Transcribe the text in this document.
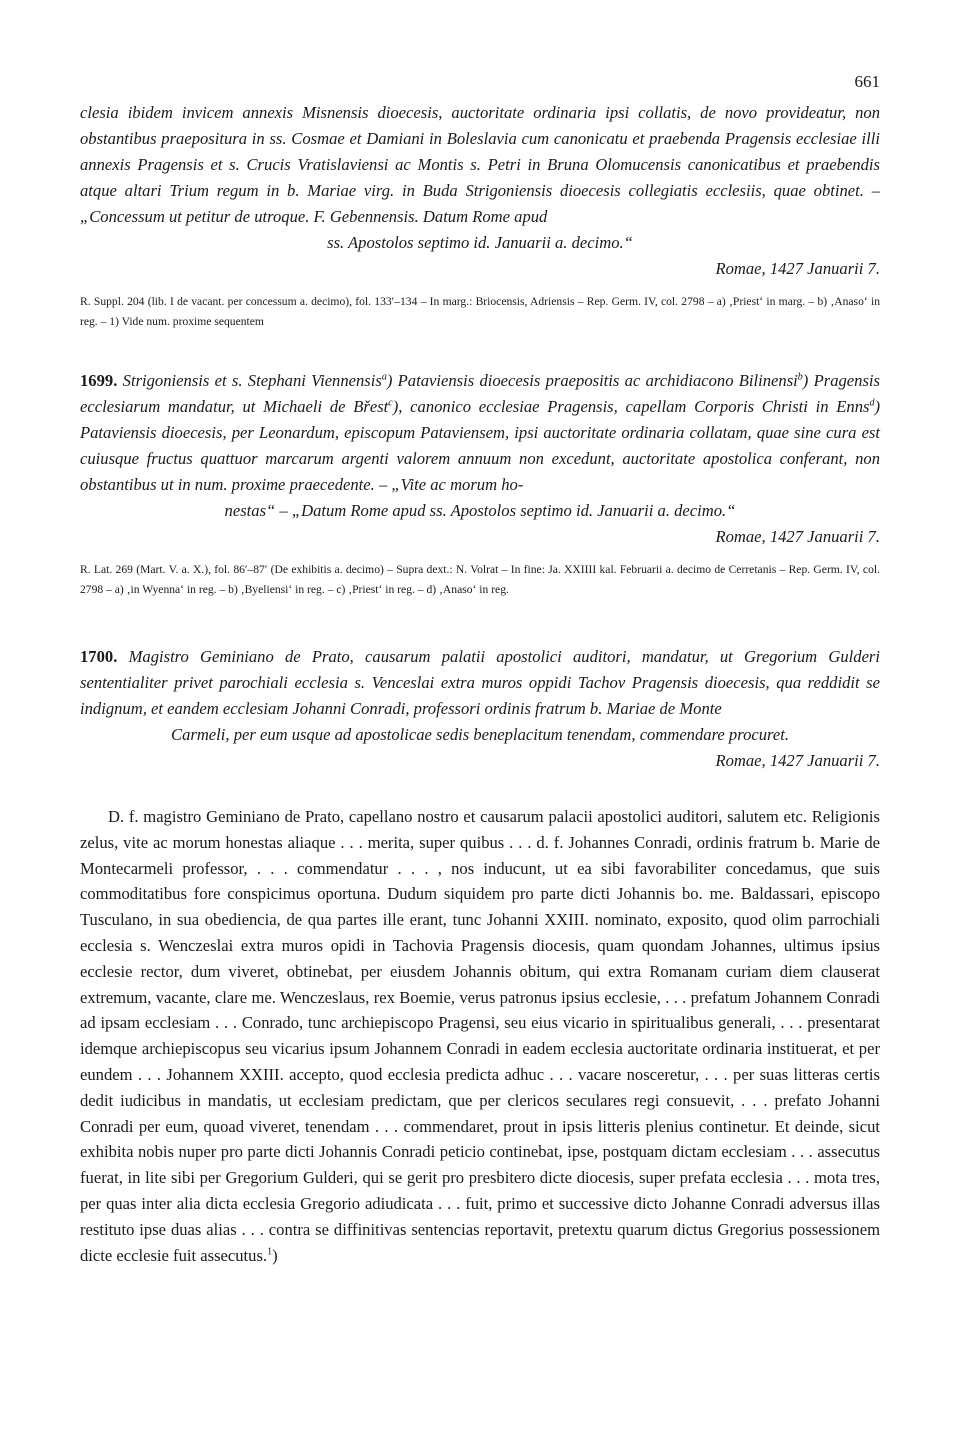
661

clesia ibidem invicem annexis Misnensis dioecesis, auctoritate ordinaria ipsi collatis, de novo provideatur, non obstantibus praepositura in ss. Cosmae et Damiani in Boleslavia cum canonicatu et praebenda Pragensis ecclesiae illi annexis Pragensis et s. Crucis Vratislaviensi ac Montis s. Petri in Bruna Olomucensis canonicatibus et praebendis atque altari Trium regum in b. Mariae virg. in Buda Strigoniensis dioecesis collegiatis ecclesiis, quae obtinet. – „Concessum ut petitur de utroque. F. Gebennensis. Datum Rome apud

ss. Apostolos septimo id. Januarii a. decimo.“

Romae, 1427 Januarii 7.

R. Suppl. 204 (lib. I de vacant. per concessum a. decimo), fol. 133′–134 – In marg.: Briocensis, Adriensis – Rep. Germ. IV, col. 2798 – a) ‚Priest‘ in marg. – b) ‚Anaso‘ in reg. – 1) Vide num. proxime sequentem

1699. Strigoniensis et s. Stephani Viennensis$^a$) Pataviensis dioecesis praepositis ac archidiacono Bilinensi$^b$) Pragensis ecclesiarum mandatur, ut Michaeli de Břest$^c$), canonico ecclesiae Pragensis, capellam Corporis Christi in Enns$^d$) Pataviensis dioecesis, per Leonardum, episcopum Pataviensem, ipsi auctoritate ordinaria collatam, quae sine cura est cuiusque fructus quattuor marcarum argenti valorem annuum non excedunt, auctoritate apostolica conferant, non obstantibus ut in num. proxime praecedente. – „Vite ac morum ho-

nestas“ – „Datum Rome apud ss. Apostolos septimo id. Januarii a. decimo.“

Romae, 1427 Januarii 7.

R. Lat. 269 (Mart. V. a. X.), fol. 86′–87′ (De exhibitis a. decimo) – Supra dext.: N. Volrat – In fine: Ja. XXIIII kal. Februarii a. decimo de Cerretanis – Rep. Germ. IV, col. 2798 – a) ‚in Wyenna‘ in reg. – b) ‚Byeliensi‘ in reg. – c) ‚Priest‘ in reg. – d) ‚Anaso‘ in reg.

1700. Magistro Geminiano de Prato, causarum palatii apostolici auditori, mandatur, ut Gregorium Gulderi sententialiter privet parochiali ecclesia s. Venceslai extra muros oppidi Tachov Pragensis dioecesis, qua reddidit se indignum, et eandem ecclesiam Johanni Conradi, professori ordinis fratrum b. Mariae de Monte

Carmeli, per eum usque ad apostolicae sedis beneplacitum tenendam, commendare procuret.

Romae, 1427 Januarii 7.

D. f. magistro Geminiano de Prato, capellano nostro et causarum palacii apostolici auditori, salutem etc. Religionis zelus, vite ac morum honestas aliaque . . . merita, super quibus . . . d. f. Johannes Conradi, ordinis fratrum b. Marie de Montecarmeli professor, . . . commendatur . . . , nos inducunt, ut ea sibi favorabiliter concedamus, que suis commoditatibus fore conspicimus oportuna. Dudum siquidem pro parte dicti Johannis bo. me. Baldassari, episcopo Tusculano, in sua obediencia, de qua partes ille erant, tunc Johanni XXIII. nominato, exposito, quod olim parrochiali ecclesia s. Wenczeslai extra muros opidi in Tachovia Pragensis diocesis, quam quondam Johannes, ultimus ipsius ecclesie rector, dum viveret, obtinebat, per eiusdem Johannis obitum, qui extra Romanam curiam diem clauserat extremum, vacante, clare me. Wenczeslaus, rex Boemie, verus patronus ipsius ecclesie, . . . prefatum Johannem Conradi ad ipsam ecclesiam . . . Conrado, tunc archiepiscopo Pragensi, seu eius vicario in spiritualibus generali, . . . presentarat idemque archiepiscopus seu vicarius ipsum Johannem Conradi in eadem ecclesia auctoritate ordinaria instituerat, et per eundem . . . Johannem XXIII. accepto, quod ecclesia predicta adhuc . . . vacare nosceretur, . . . per suas litteras certis dedit iudicibus in mandatis, ut ecclesiam predictam, que per clericos seculares regi consuevit, . . . prefato Johanni Conradi per eum, quoad viveret, tenendam . . . commendaret, prout in ipsis litteris plenius continetur. Et deinde, sicut exhibita nobis nuper pro parte dicti Johannis Conradi peticio continebat, ipse, postquam dictam ecclesiam . . . assecutus fuerat, in lite sibi per Gregorium Gulderi, qui se gerit pro presbitero dicte diocesis, super prefata ecclesia . . . mota tres, per quas inter alia dicta ecclesia Gregorio adiudicata . . . fuit, primo et successive dicto Johanne Conradi adversus illas restituto ipse duas alias . . . contra se diffinitivas sentencias reportavit, pretextu quarum dictus Gregorius possessionem dicte ecclesie fuit assecutus.$^1$)
